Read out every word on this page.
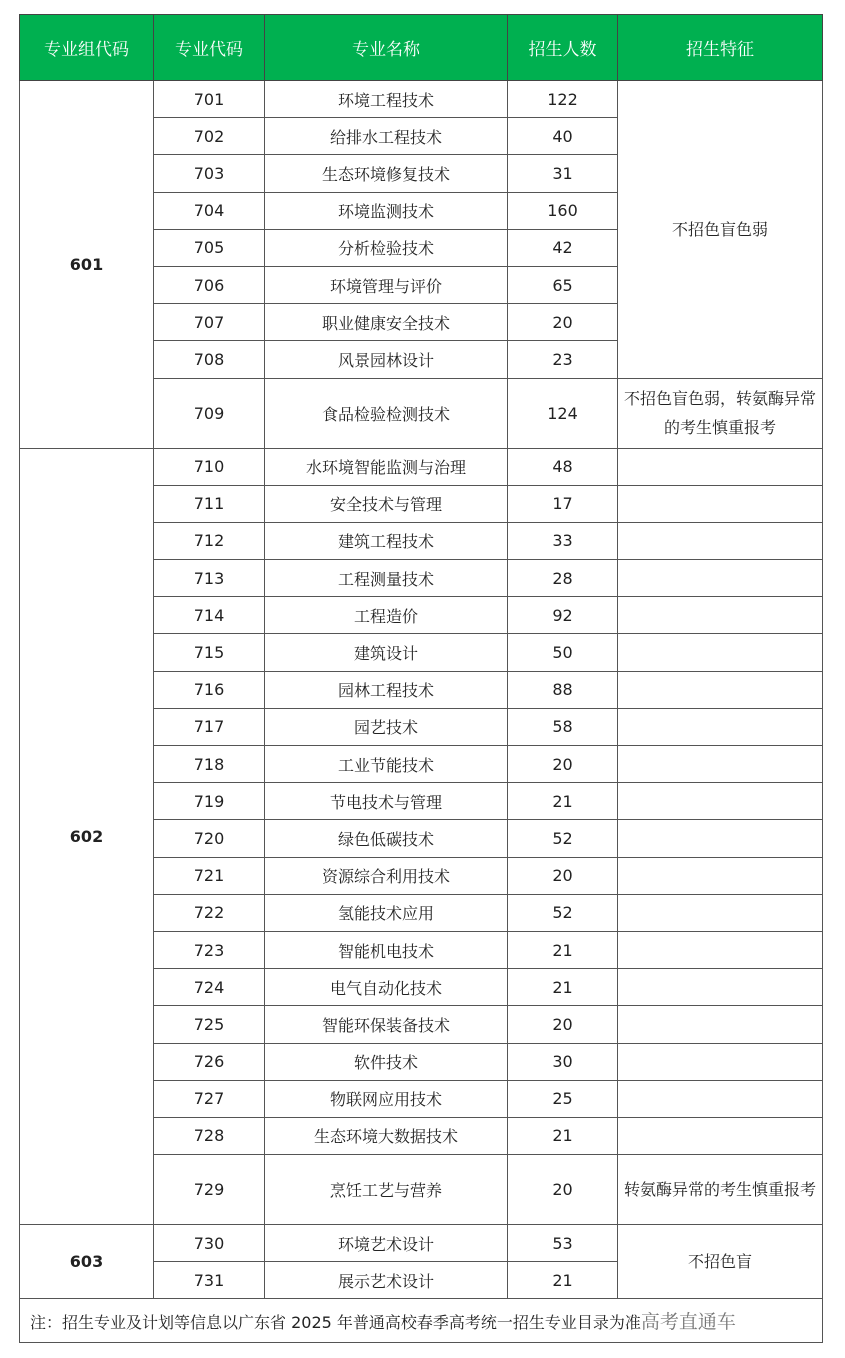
专业组代码	专业代码	专业名称	招生人数	招生特征
601	701	环境工程技术	122	不招色盲色弱
	702	给排水工程技术	40	
	703	生态环境修复技术	31	
	704	环境监测技术	160	
	705	分析检验技术	42	
	706	环境管理与评价	65	
	707	职业健康安全技术	20	
	708	风景园林设计	23	
	709	食品检验检测技术	124	不招色盲色弱，转氨酶异常的考生慎重报考
602	710	水环境智能监测与治理	48	
	711	安全技术与管理	17	
	712	建筑工程技术	33	
	713	工程测量技术	28	
	714	工程造价	92	
	715	建筑设计	50	
	716	园林工程技术	88	
	717	园艺技术	58	
	718	工业节能技术	20	
	719	节电技术与管理	21	
	720	绿色低碳技术	52	
	721	资源综合利用技术	20	
	722	氢能技术应用	52	
	723	智能机电技术	21	
	724	电气自动化技术	21	
	725	智能环保装备技术	20	
	726	软件技术	30	
	727	物联网应用技术	25	
	728	生态环境大数据技术	21	
	729	烹饪工艺与营养	20	转氨酶异常的考生慎重报考
603	730	环境艺术设计	53	不招色盲
	731	展示艺术设计	21	
注：招生专业及计划等信息以广东省 2025 年普通高校春季高考统一招生专业目录为准高考直通车				
